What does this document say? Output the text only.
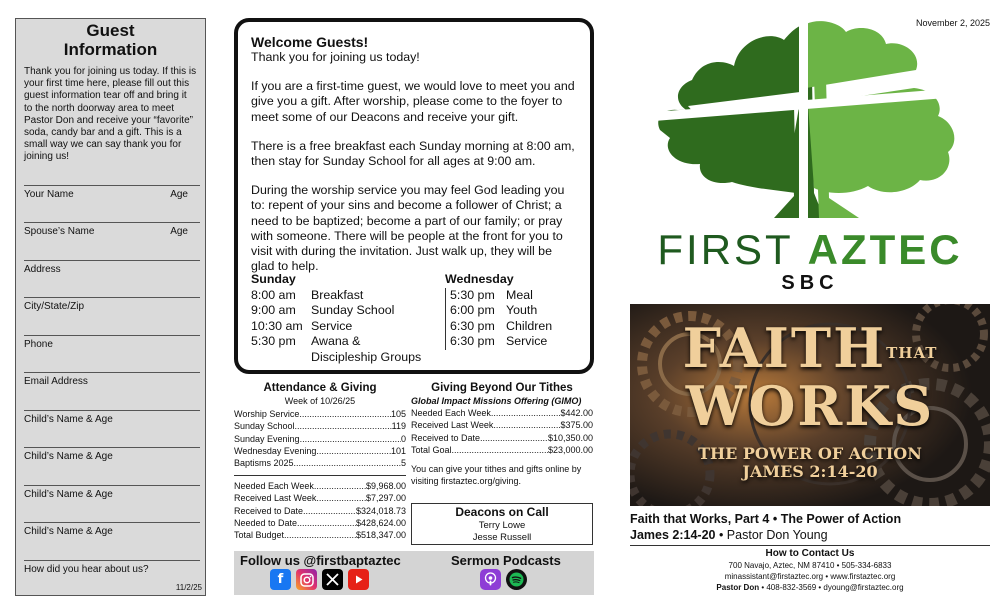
Guest
Information
Thank you for joining us today. If this is your first time here, please fill out this guest information tear off and bring it to the north doorway area to meet Pastor Don and receive your “favorite” soda, candy bar and a gift. This is a small way we can say thank you for joining us!
Your Name	Age
Spouse’s Name	Age
Address
City/State/Zip
Phone
Email Address
Child’s Name & Age
Child’s Name & Age
Child’s Name & Age
Child’s Name & Age
How did you hear about us?
11/2/25
Welcome Guests!

Thank you for joining us today!

If you are a first-time guest, we would love to meet you and give you a gift. After worship, please come to the foyer to meet some of our Deacons and receive your gift.

There is a free breakfast each Sunday morning at 8:00 am, then stay for Sunday School for all ages at 9:00 am.

During the worship service you may feel God leading you to: repent of your sins and become a follower of Christ; a need to be baptized; become a part of our family; or pray with someone. There will be people at the front for you to visit with during the invitation. Just walk up, they will be glad to help.

Sunday
8:00 am	Breakfast
9:00 am	Sunday School
10:30 am	Service
5:30 pm	Awana & Discipleship Groups
Wednesday
5:30 pm	Meal
6:00 pm	Youth
6:30 pm	Children
6:30 pm	Service
Attendance & Giving
Week of 10/26/25
Worship Service .....	105
Sunday School .....	119
Sunday Evening .....	0
Wednesday Evening .....	101
Baptisms 2025 .....	5
Needed Each Week .....	$9,968.00
Received Last Week .....	$7,297.00
Received to Date .....	$324,018.73
Needed to Date .....	$428,624.00
Total Budget .....	$518,347.00
Giving Beyond Our Tithes
Global Impact Missions Offering (GIMO)
Needed Each Week .....	$442.00
Received Last Week .....	$375.00
Received to Date .....	$10,350.00
Total Goal .....	$23,000.00
You can give your tithes and gifts online by visiting firstaztec.org/giving.
Deacons on Call
Terry Lowe
Jesse Russell
Follow us @firstbaptaztec	Sermon Podcasts
f
November 2, 2025
FIRST AZTEC
SBC
FAITHTHAT
WORKS
THE POWER OF ACTION
JAMES 2:14-20
Faith that Works, Part 4 • The Power of Action
James 2:14-20 • Pastor Don Young
How to Contact Us
700 Navajo, Aztec, NM 87410 • 505-334-6833
minassistant@firstaztec.org • www.firstaztec.org
Pastor Don • 408-832-3569 • dyoung@firstaztec.org
